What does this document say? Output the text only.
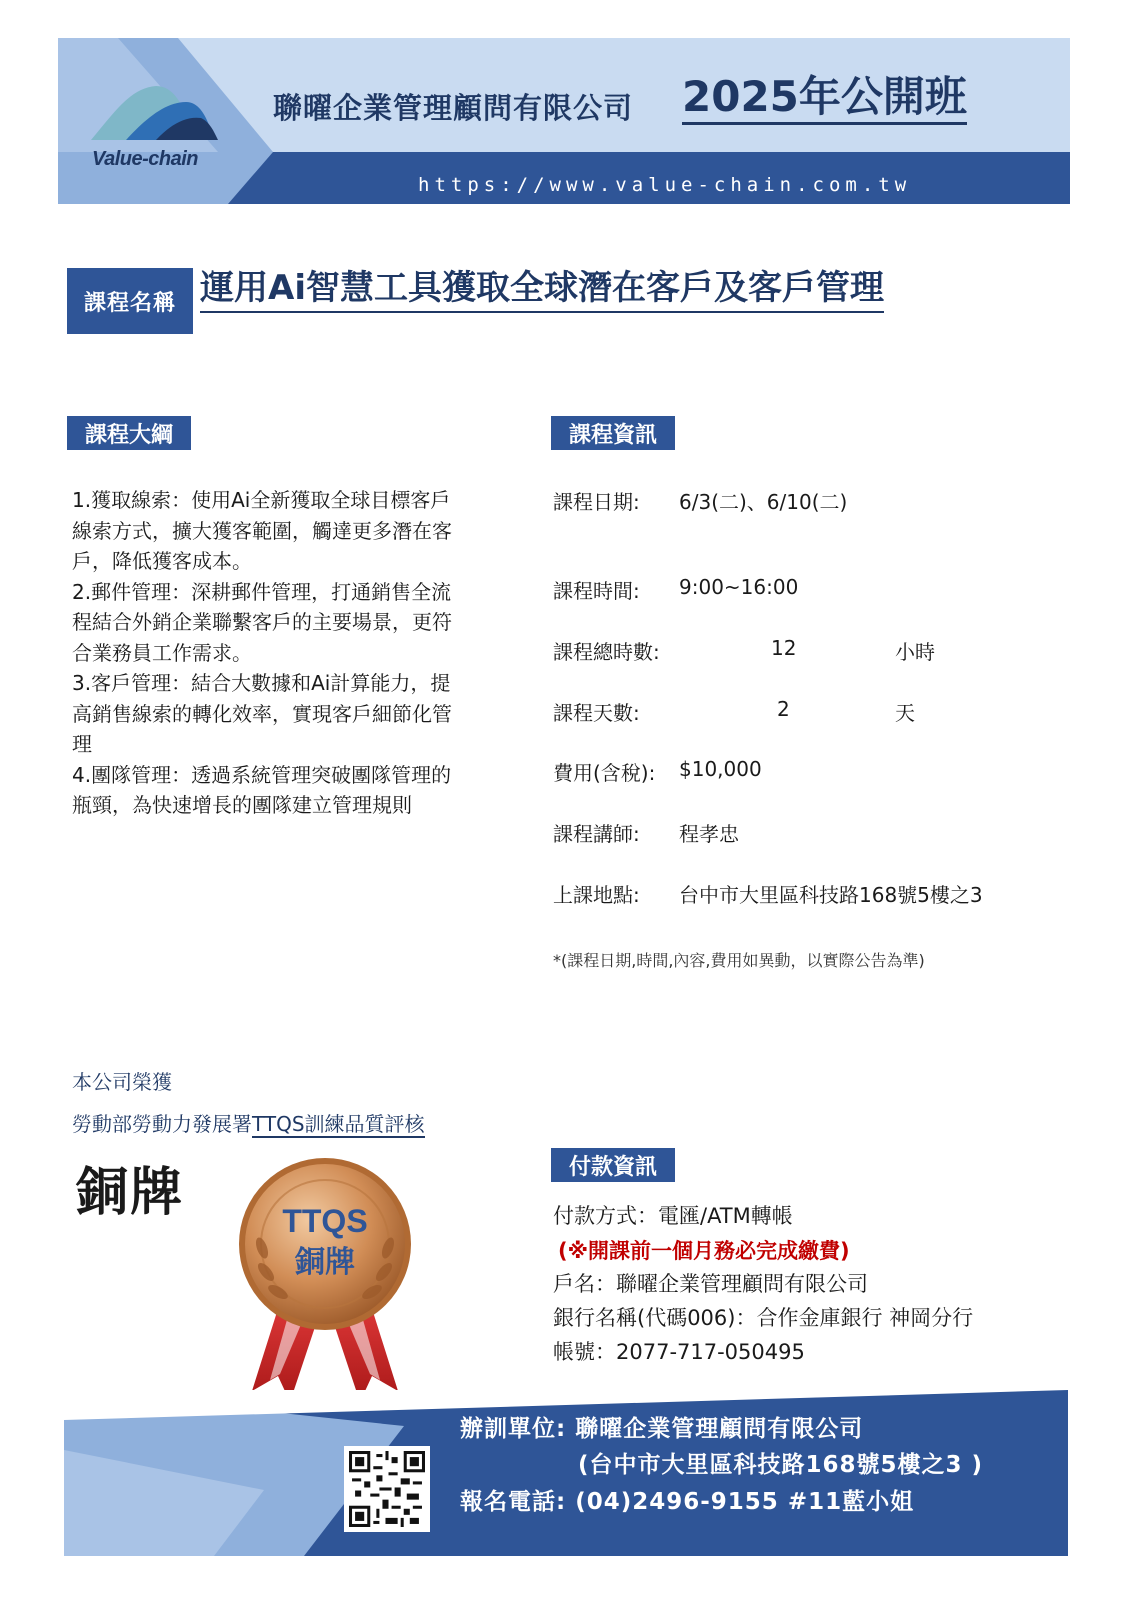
Value-chain
聯曜企業管理顧問有限公司 2025年公開班
https://www.value-chain.com.tw
課程名稱 運用Ai智慧工具獲取全球潛在客戶及客戶管理
課程大綱	課程資訊

1.獲取線索：使用Ai全新獲取全球目標客戶

線索方式，擴大獲客範圍，觸達更多潛在客

戶，降低獲客成本。

2.郵件管理：深耕郵件管理，打通銷售全流

程結合外銷企業聯繫客戶的主要場景，更符

合業務員工作需求。

3.客戶管理：結合大數據和Ai計算能力，提

高銷售線索的轉化效率，實現客戶細節化管

理

4.團隊管理：透過系統管理突破團隊管理的

瓶頸，為快速增長的團隊建立管理規則

課程日期: 6/3(二)、6/10(二)
課程時間: 9:00~16:00
課程總時數:	12	小時
課程天數:	2	天
費用(含稅): $10,000
課程講師: 程孝忠
上課地點: 台中市大里區科技路168號5樓之3
*(課程日期,時間,內容,費用如異動，以實際公告為準)
本公司榮獲
勞動部勞動力發展署TTQS訓練品質評核
銅牌	TTQS
銅牌
付款資訊
付款方式：電匯/ATM轉帳
(※開課前一個月務必完成繳費)
戶名：聯曜企業管理顧問有限公司
銀行名稱(代碼006)：合作金庫銀行 神岡分行
帳號：2077-717-050495
辦訓單位: 聯曜企業管理顧問有限公司
(台中市大里區科技路168號5樓之3 )
報名電話: (04)2496-9155 #11藍小姐
